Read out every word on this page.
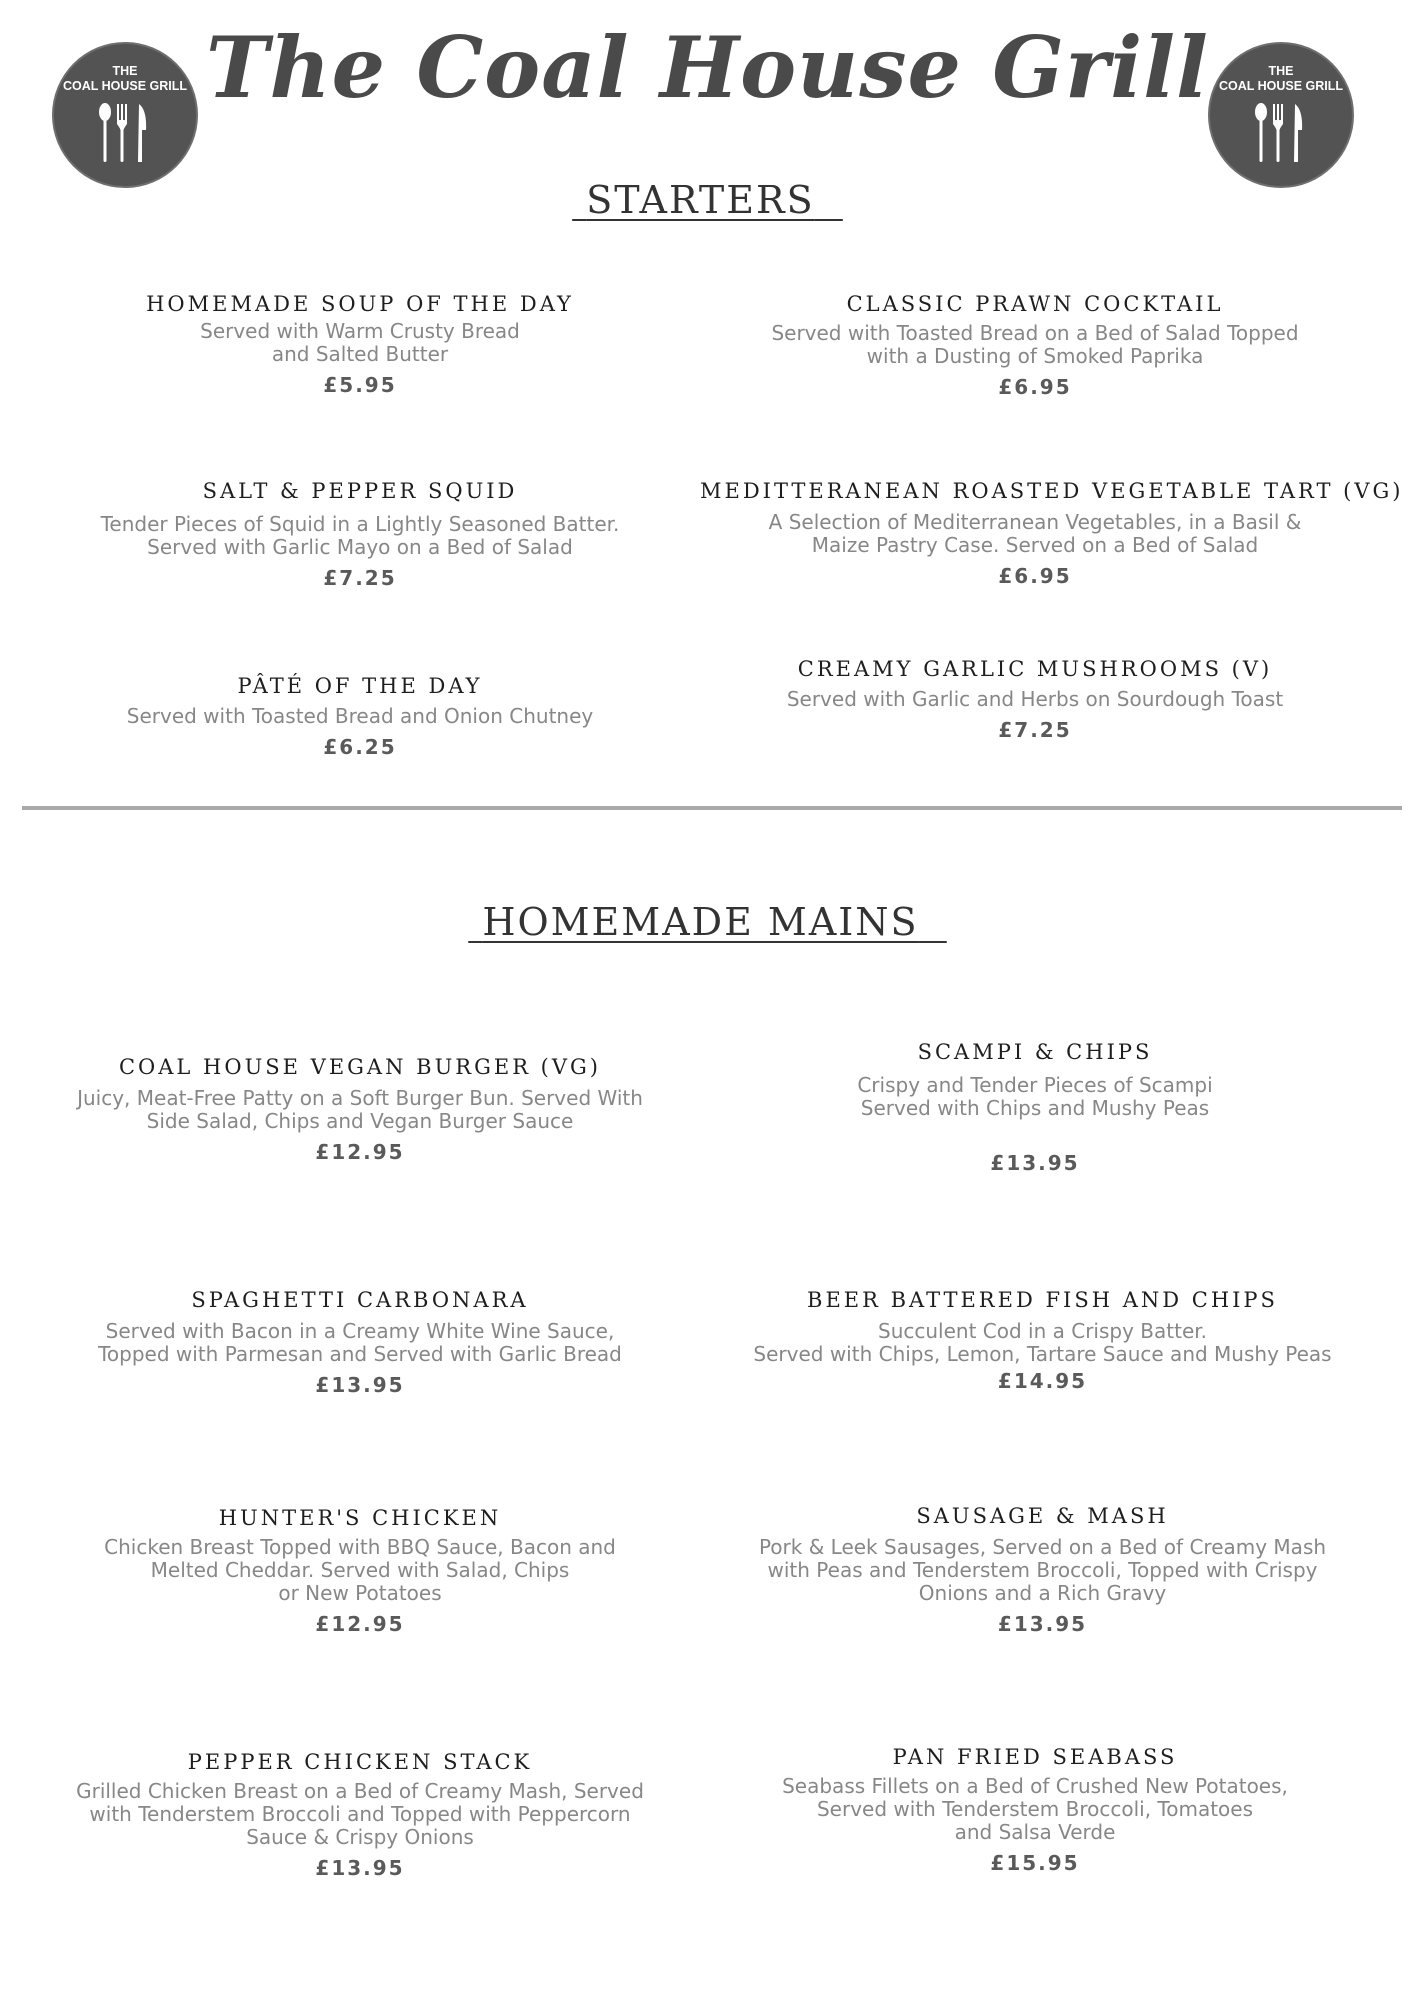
THE
COAL HOUSE GRILL
THE
COAL HOUSE GRILL
The Coal House Grill
STARTERS
HOMEMADE SOUP OF THE DAY
Served with Warm Crusty Bread
and Salted Butter
£5.95
CLASSIC PRAWN COCKTAIL
Served with Toasted Bread on a Bed of Salad Topped
with a Dusting of Smoked Paprika
£6.95
SALT & PEPPER SQUID
Tender Pieces of Squid in a Lightly Seasoned Batter.
Served with Garlic Mayo on a Bed of Salad
£7.25
MEDITTERANEAN ROASTED VEGETABLE TART (VG)
A Selection of Mediterranean Vegetables, in a Basil &
Maize Pastry Case. Served on a Bed of Salad
£6.95
PÂTÉ OF THE DAY
Served with Toasted Bread and Onion Chutney
£6.25
CREAMY GARLIC MUSHROOMS (V)
Served with Garlic and Herbs on Sourdough Toast
£7.25
HOMEMADE MAINS
COAL HOUSE VEGAN BURGER (VG)
Juicy, Meat-Free Patty on a Soft Burger Bun. Served With
Side Salad, Chips and Vegan Burger Sauce
£12.95
SCAMPI & CHIPS
Crispy and Tender Pieces of Scampi
Served with Chips and Mushy Peas
£13.95
SPAGHETTI CARBONARA
Served with Bacon in a Creamy White Wine Sauce,
Topped with Parmesan and Served with Garlic Bread
£13.95
BEER BATTERED FISH AND CHIPS
Succulent Cod in a Crispy Batter.
Served with Chips, Lemon, Tartare Sauce and Mushy Peas
£14.95
HUNTER'S CHICKEN
Chicken Breast Topped with BBQ Sauce, Bacon and
Melted Cheddar. Served with Salad, Chips
or New Potatoes
£12.95
SAUSAGE & MASH
Pork & Leek Sausages, Served on a Bed of Creamy Mash
with Peas and Tenderstem Broccoli, Topped with Crispy
Onions and a Rich Gravy
£13.95
PEPPER CHICKEN STACK
Grilled Chicken Breast on a Bed of Creamy Mash, Served
with Tenderstem Broccoli and Topped with Peppercorn
Sauce & Crispy Onions
£13.95
PAN FRIED SEABASS
Seabass Fillets on a Bed of Crushed New Potatoes,
Served with Tenderstem Broccoli, Tomatoes
and Salsa Verde
£15.95
